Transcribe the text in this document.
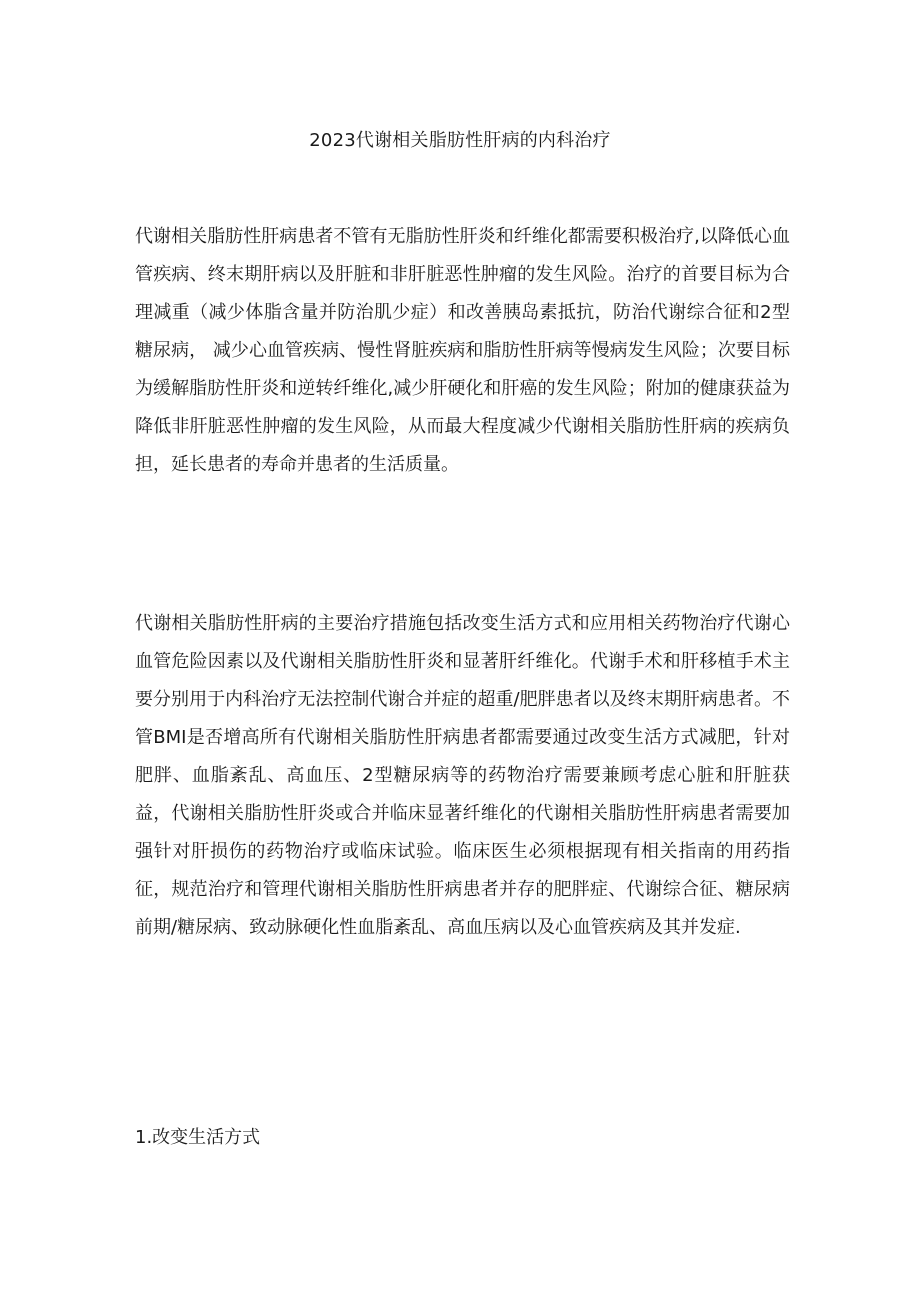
2023代谢相关脂肪性肝病的内科治疗

代谢相关脂肪性肝病患者不管有无脂肪性肝炎和纤维化都需要积极治疗,以降低心血管疾病、终末期肝病以及肝脏和非肝脏恶性肿瘤的发生风险。治疗的首要目标为合理减重（减少体脂含量并防治肌少症）和改善胰岛素抵抗，防治代谢综合征和2型糖尿病， 减少心血管疾病、慢性肾脏疾病和脂肪性肝病等慢病发生风险；次要目标为缓解脂肪性肝炎和逆转纤维化,减少肝硬化和肝癌的发生风险；附加的健康获益为降低非肝脏恶性肿瘤的发生风险，从而最大程度减少代谢相关脂肪性肝病的疾病负担，延长患者的寿命并患者的生活质量。

代谢相关脂肪性肝病的主要治疗措施包括改变生活方式和应用相关药物治疗代谢心血管危险因素以及代谢相关脂肪性肝炎和显著肝纤维化。代谢手术和肝移植手术主要分别用于内科治疗无法控制代谢合并症的超重/肥胖患者以及终末期肝病患者。不管BMI是否增高所有代谢相关脂肪性肝病患者都需要通过改变生活方式减肥，针对肥胖、血脂紊乱、高血压、2型糖尿病等的药物治疗需要兼顾考虑心脏和肝脏获益，代谢相关脂肪性肝炎或合并临床显著纤维化的代谢相关脂肪性肝病患者需要加强针对肝损伤的药物治疗或临床试验。临床医生必须根据现有相关指南的用药指征，规范治疗和管理代谢相关脂肪性肝病患者并存的肥胖症、代谢综合征、糖尿病前期/糖尿病、致动脉硬化性血脂紊乱、高血压病以及心血管疾病及其并发症.

1.改变生活方式
